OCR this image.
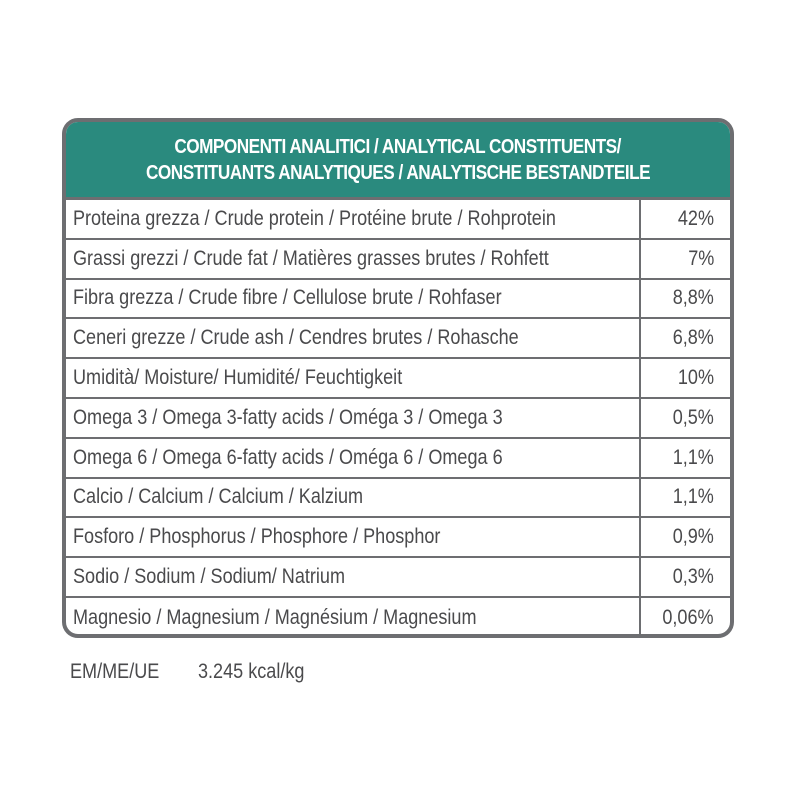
COMPONENTI ANALITICI / ANALYTICAL CONSTITUENTS/
CONSTITUANTS ANALYTIQUES / ANALYTISCHE BESTANDTEILE
Proteina grezza / Crude protein / Protéine brute / Rohprotein	42%
Grassi grezzi / Crude fat / Matières grasses brutes / Rohfett	7%
Fibra grezza / Crude fibre / Cellulose brute / Rohfaser	8,8%
Ceneri grezze / Crude ash / Cendres brutes / Rohasche	6,8%
Umidità/ Moisture/ Humidité/ Feuchtigkeit	10%
Omega 3 / Omega 3-fatty acids / Oméga 3 / Omega 3	0,5%
Omega 6 / Omega 6-fatty acids / Oméga 6 / Omega 6	1,1%
Calcio / Calcium / Calcium / Kalzium	1,1%
Fosforo / Phosphorus / Phosphore / Phosphor	0,9%
Sodio / Sodium / Sodium/ Natrium	0,3%
Magnesio / Magnesium / Magnésium / Magnesium	0,06%
EM/ME/UE 3.245 kcal/kg
